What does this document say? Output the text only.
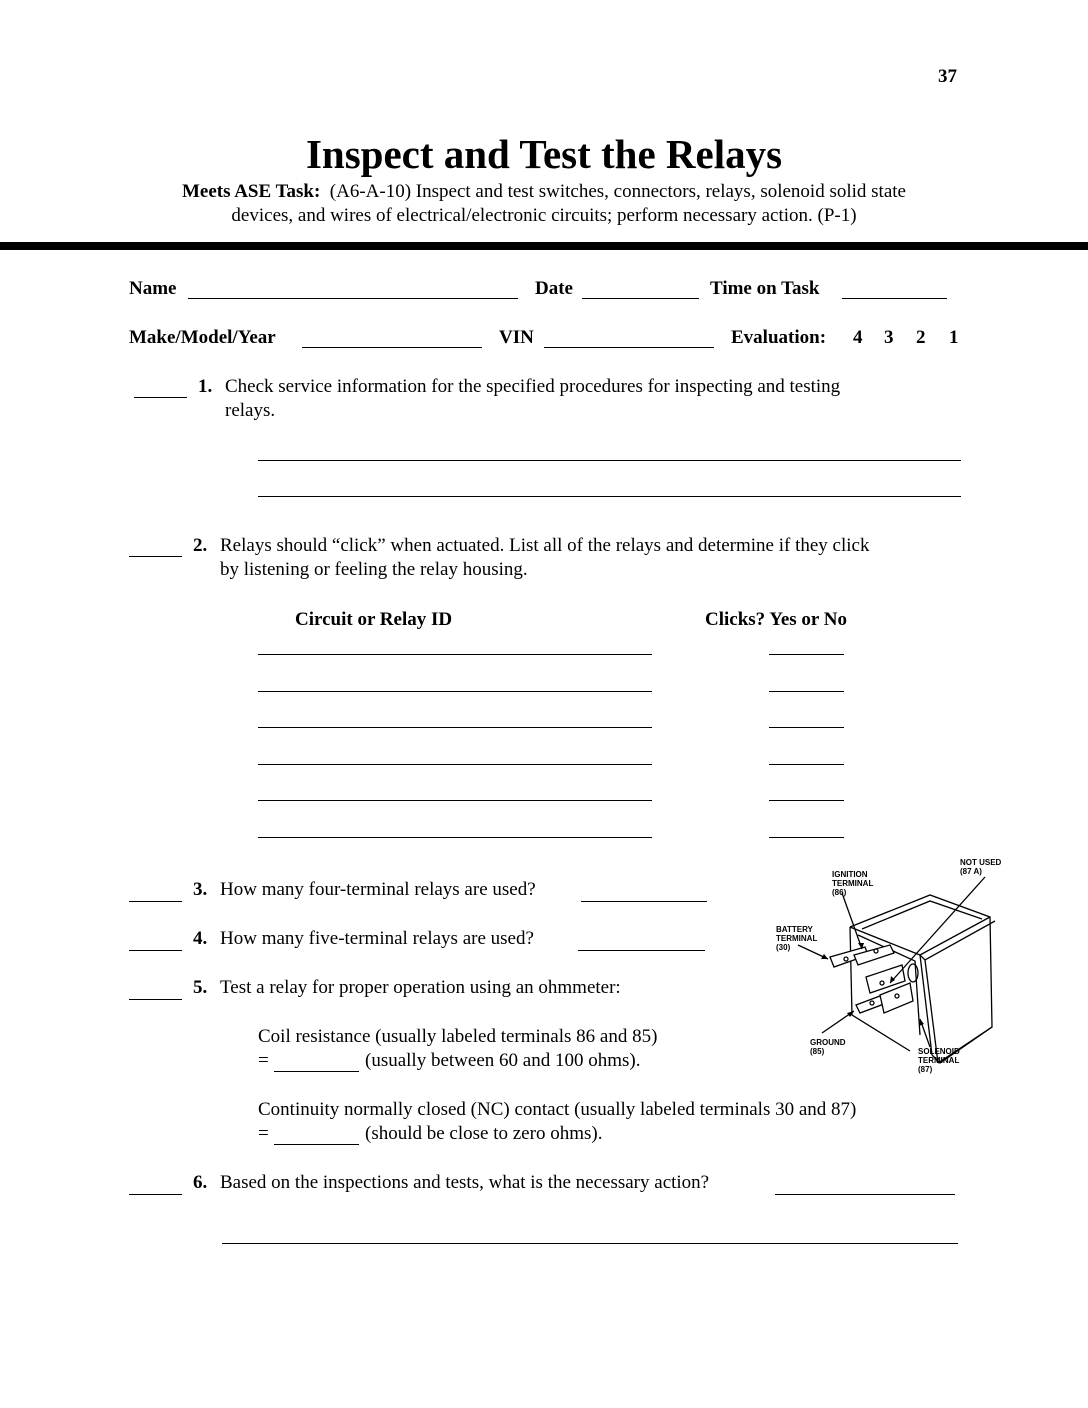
37
Inspect and Test the Relays
Meets ASE Task: (A6-A-10) Inspect and test switches, connectors, relays, solenoid solid state
devices, and wires of electrical/electronic circuits; perform necessary action. (P-1)
Name	Date	Time on Task
Make/Model/Year	VIN	Evaluation: 4 3 2 1
1. Check service information for the specified procedures for inspecting and testing
relays.
2. Relays should “click” when actuated. List all of the relays and determine if they click
by listening or feeling the relay housing.
Circuit or Relay ID	Clicks? Yes or No
3. How many four-terminal relays are used?
4. How many five-terminal relays are used?
5. Test a relay for proper operation using an ohmmeter:
Coil resistance (usually labeled terminals 86 and 85)
=	(usually between 60 and 100 ohms).
Continuity normally closed (NC) contact (usually labeled terminals 30 and 87)
=	(should be close to zero ohms).
6. Based on the inspections and tests, what is the necessary action?
NOT USED
(87 A)
IGNITION
TERMINAL
(86)
BATTERY
TERMINAL
(30)
GROUND
(85)	SOLENOID
TERMINAL
(87)
